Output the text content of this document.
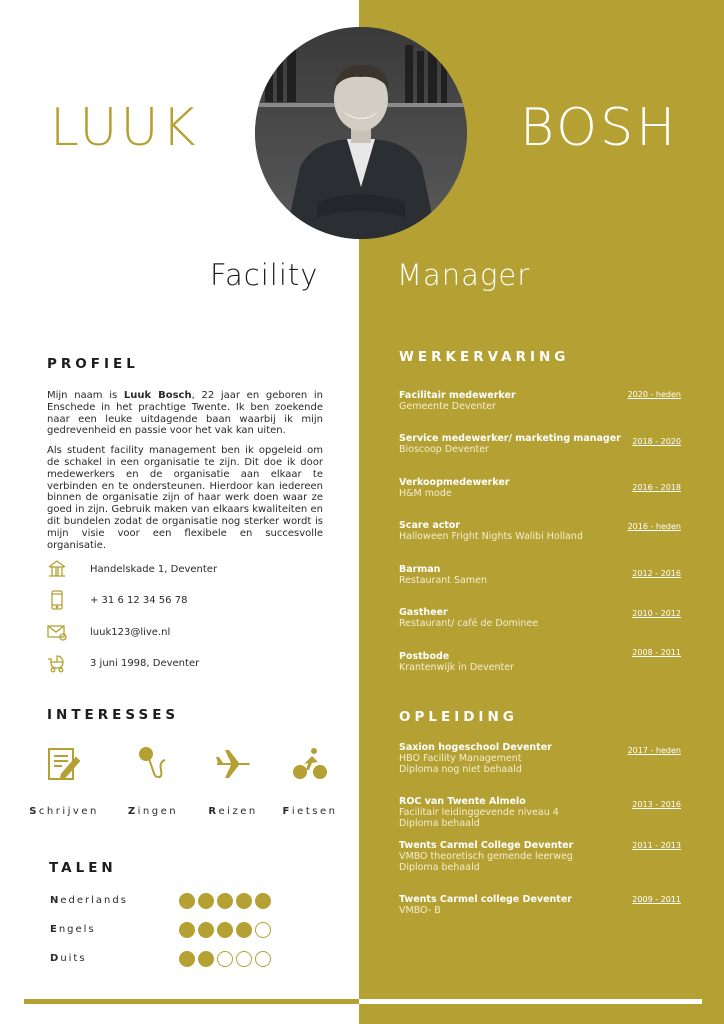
LUUK	BOSH
Facility	Manager
PROFIEL

Mijn naam is Luuk Bosch, 22 jaar en geboren in Enschede in het prachtige Twente. Ik ben zoekende naar een leuke uitdagende baan waarbij ik mijn gedrevenheid en passie voor het vak kan uiten.

Als student facility management ben ik opgeleid om de schakel in een organisatie te zijn. Dit doe ik door medewerkers en de organisatie aan elkaar te verbinden en te ondersteunen. Hierdoor kan iedereen binnen de organisatie zijn of haar werk doen waar ze goed in zijn. Gebruik maken van elkaars kwaliteiten en dit bundelen zodat de organisatie nog sterker wordt is mijn visie voor een flexibele en succesvolle organisatie.

Handelskade 1, Deventer
+ 31 6 12 34 56 78
luuk123@live.nl
3 juni 1998, Deventer
INTERESSES
Schrijven	Zingen	Reizen	Fietsen
TALEN
Nederlands
Engels
Duits
WERKERVARING
Facilitair medewerker
Gemeente Deventer
2020 - heden
Service medewerker/ marketing manager
Bioscoop Deventer
2018 - 2020
Verkoopmedewerker
H&M mode
2016 - 2018
Scare actor
Halloween Fright Nights Walibi Holland
2016 - heden
Barman
Restaurant Samen
2012 - 2016
Gastheer
Restaurant/ café de Dominee
2010 - 2012
Postbode
Krantenwijk in Deventer
2008 - 2011
OPLEIDING
Saxion hogeschool Deventer
HBO Facility Management
Diploma nog niet behaald
2017 - heden
ROC van Twente Almelo
Facilitair leidinggevende niveau 4
Diploma behaald
2013 - 2016
Twents Carmel College Deventer
VMBO theoretisch gemende leerweg
Diploma behaald
2011 - 2013
Twents Carmel college Deventer
VMBO- B
2009 - 2011
